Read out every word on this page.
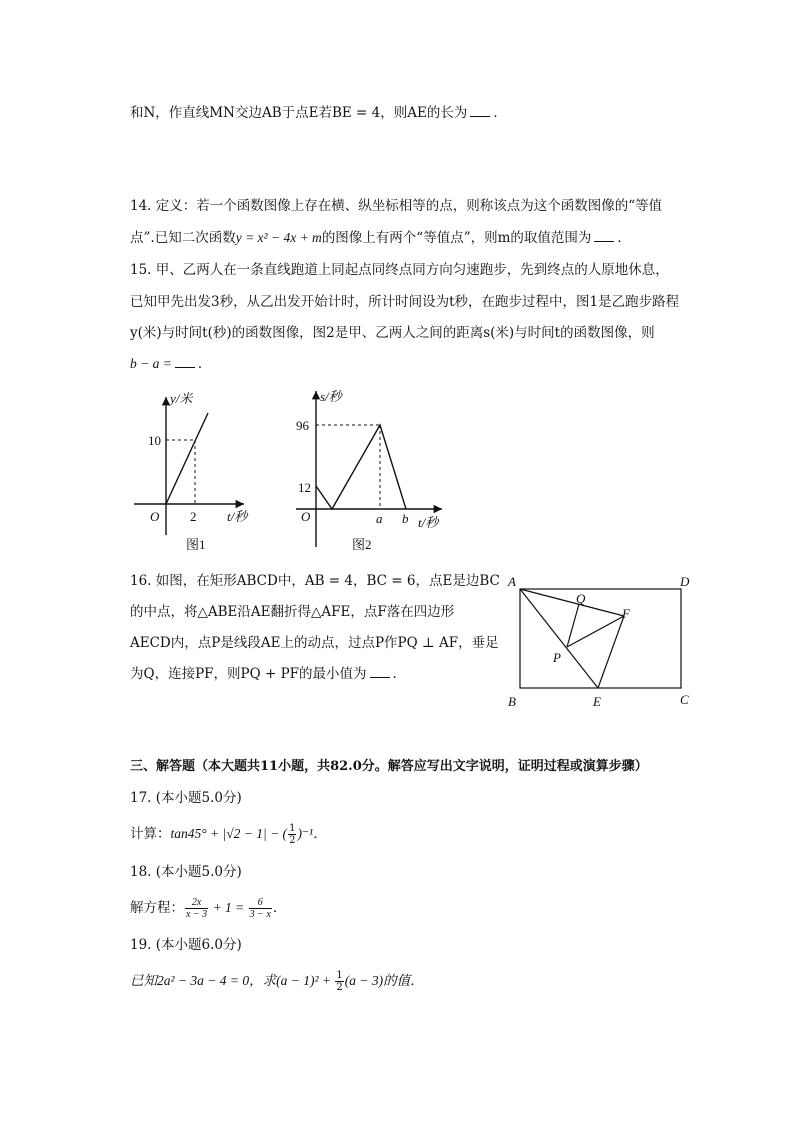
和N，作直线MN交边AB于点E若BE = 4，则AE的长为 ．
14. 定义：若一个函数图像上存在横、纵坐标相等的点，则称该点为这个函数图像的“等值
点”.已知二次函数y = x² − 4x + m的图像上有两个“等值点”，则m的取值范围为 ．
15. 甲、乙两人在一条直线跑道上同起点同终点同方向匀速跑步，先到终点的人原地休息，
已知甲先出发3秒，从乙出发开始计时，所计时间设为t秒，在跑步过程中，图1是乙跑步路程
y(米)与时间t(秒)的函数图像，图2是甲、乙两人之间的距离s(米)与时间t的函数图像，则
b − a = ．
y/米
10
O 2 t/秒
图1
s/秒
96
12
O	a b t/秒
图2
16. 如图，在矩形ABCD中，AB = 4，BC = 6，点E是边BC
的中点，将△ABE沿AE翻折得△AFE，点F落在四边形
AECD内，点P是线段AE上的动点，过点P作PQ ⊥ AF，垂足
为Q，连接PF，则PQ + PF的最小值为 ．
A	D
B	C
E
F
Q
P
三、解答题（本大题共11小题，共82.0分。解答应写出文字说明，证明过程或演算步骤）
17. (本小题5.0分)
计算：tan45° + |√2 − 1| − ( $\frac{1}{2} )^{-1}$．
18. (本小题5.0分)
解方程： $\frac{2x}{x - 3} + 1 = \frac{6}{3 - x}$ ．
19. (本小题6.0分)
已知2a² − 3a − 4 = 0，求$(a - 1)^2 + \frac{1}{2} (a - 3)$的值．
